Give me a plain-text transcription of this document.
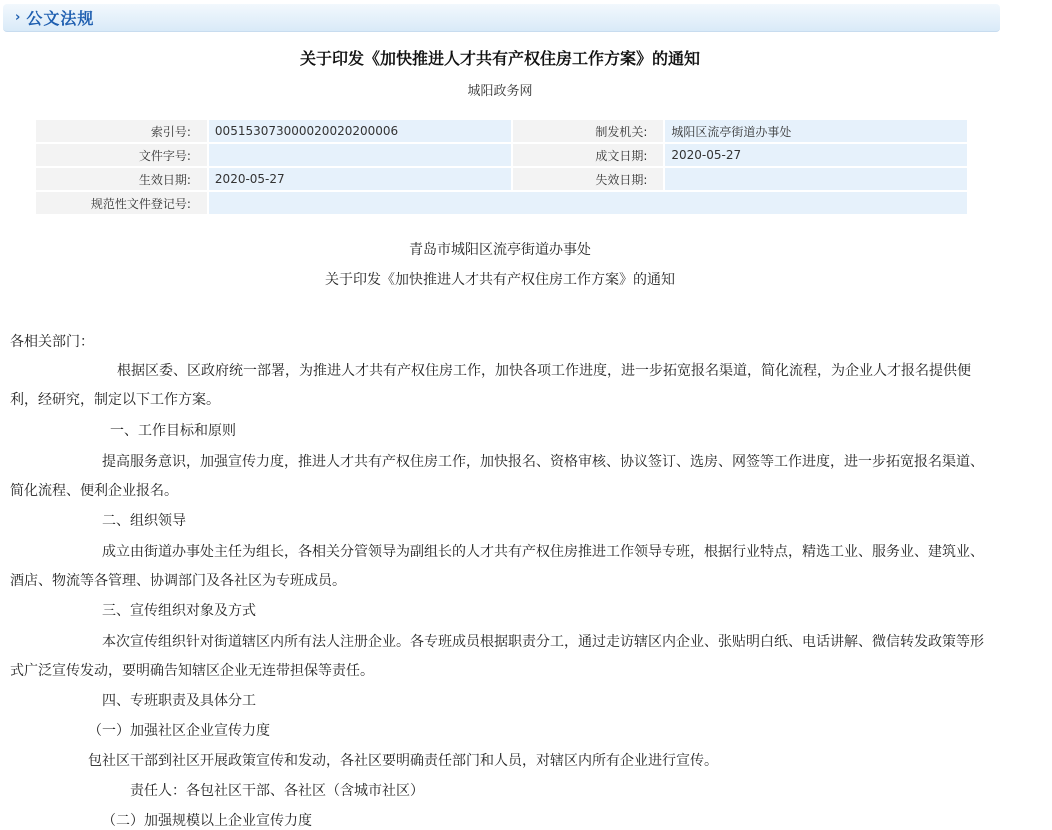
› 公文法规
关于印发《加快推进人才共有产权住房工作方案》的通知
城阳政务网
索引号:	005153073000020020200006	制发机关:	城阳区流亭街道办事处
文件字号:		成文日期:	2020-05-27
生效日期:	2020-05-27	失效日期:	
规范性文件登记号:			
青岛市城阳区流亭街道办事处
关于印发《加快推进人才共有产权住房工作方案》的通知
各相关部门：
根据区委、区政府统一部署，为推进人才共有产权住房工作，加快各项工作进度，进一步拓宽报名渠道，简化流程，为企业人才报名提供便
利，经研究，制定以下工作方案。
一、工作目标和原则
提高服务意识，加强宣传力度，推进人才共有产权住房工作，加快报名、资格审核、协议签订、选房、网签等工作进度，进一步拓宽报名渠道、
简化流程、便利企业报名。
二、组织领导
成立由街道办事处主任为组长，各相关分管领导为副组长的人才共有产权住房推进工作领导专班，根据行业特点，精选工业、服务业、建筑业、
酒店、物流等各管理、协调部门及各社区为专班成员。
三、宣传组织对象及方式
本次宣传组织针对街道辖区内所有法人注册企业。各专班成员根据职责分工，通过走访辖区内企业、张贴明白纸、电话讲解、微信转发政策等形
式广泛宣传发动，要明确告知辖区企业无连带担保等责任。
四、专班职责及具体分工
（一）加强社区企业宣传力度
包社区干部到社区开展政策宣传和发动，各社区要明确责任部门和人员，对辖区内所有企业进行宣传。
责任人：各包社区干部、各社区（含城市社区）
（二）加强规模以上企业宣传力度
